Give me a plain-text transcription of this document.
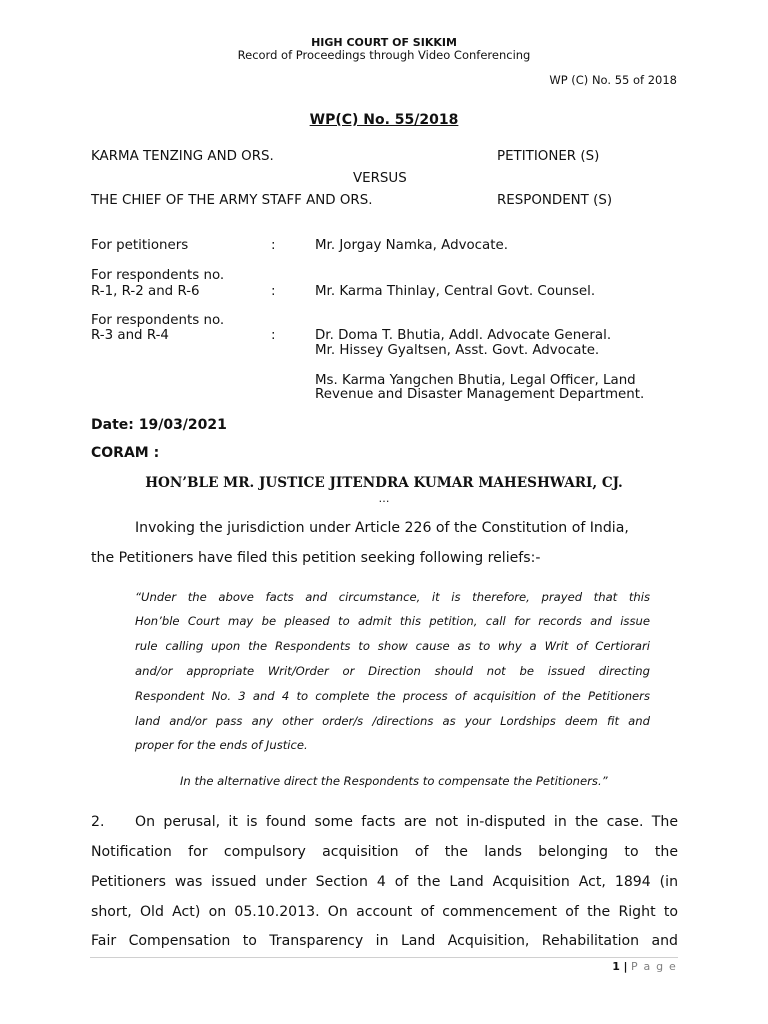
HIGH COURT OF SIKKIM
Record of Proceedings through Video Conferencing
WP (C) No. 55 of 2018
WP(C) No. 55/2018
KARMA TENZING AND ORS.	PETITIONER (S)
VERSUS
THE CHIEF OF THE ARMY STAFF AND ORS.	RESPONDENT (S)
For petitioners	:	Mr. Jorgay Namka, Advocate.
For respondents no.
R-1, R-2 and R-6	:	Mr. Karma Thinlay, Central Govt. Counsel.
For respondents no.
R-3 and R-4	:	Dr. Doma T. Bhutia, Addl. Advocate General.
Mr. Hissey Gyaltsen, Asst. Govt. Advocate.
Ms. Karma Yangchen Bhutia, Legal Officer, Land
Revenue and Disaster Management Department.
Date: 19/03/2021
CORAM :
HON’BLE MR. JUSTICE JITENDRA KUMAR MAHESHWARI, CJ.
…
Invoking the jurisdiction under Article 226 of the Constitution of India,
the Petitioners have filed this petition seeking following reliefs:-
“Under the above facts and circumstance, it is therefore, prayed that this
Hon’ble Court may be pleased to admit this petition, call for records and issue
rule calling upon the Respondents to show cause as to why a Writ of Certiorari
and/or appropriate Writ/Order or Direction should not be issued directing
Respondent No. 3 and 4 to complete the process of acquisition of the Petitioners
land and/or pass any other order/s /directions as your Lordships deem fit and
proper for the ends of Justice.
In the alternative direct the Respondents to compensate the Petitioners.”
2. On perusal, it is found some facts are not in-disputed in the case. The
Notification for compulsory acquisition of the lands belonging to the
Petitioners was issued under Section 4 of the Land Acquisition Act, 1894 (in
short, Old Act) on 05.10.2013. On account of commencement of the Right to
Fair Compensation to Transparency in Land Acquisition, Rehabilitation and
1 | P a g e
